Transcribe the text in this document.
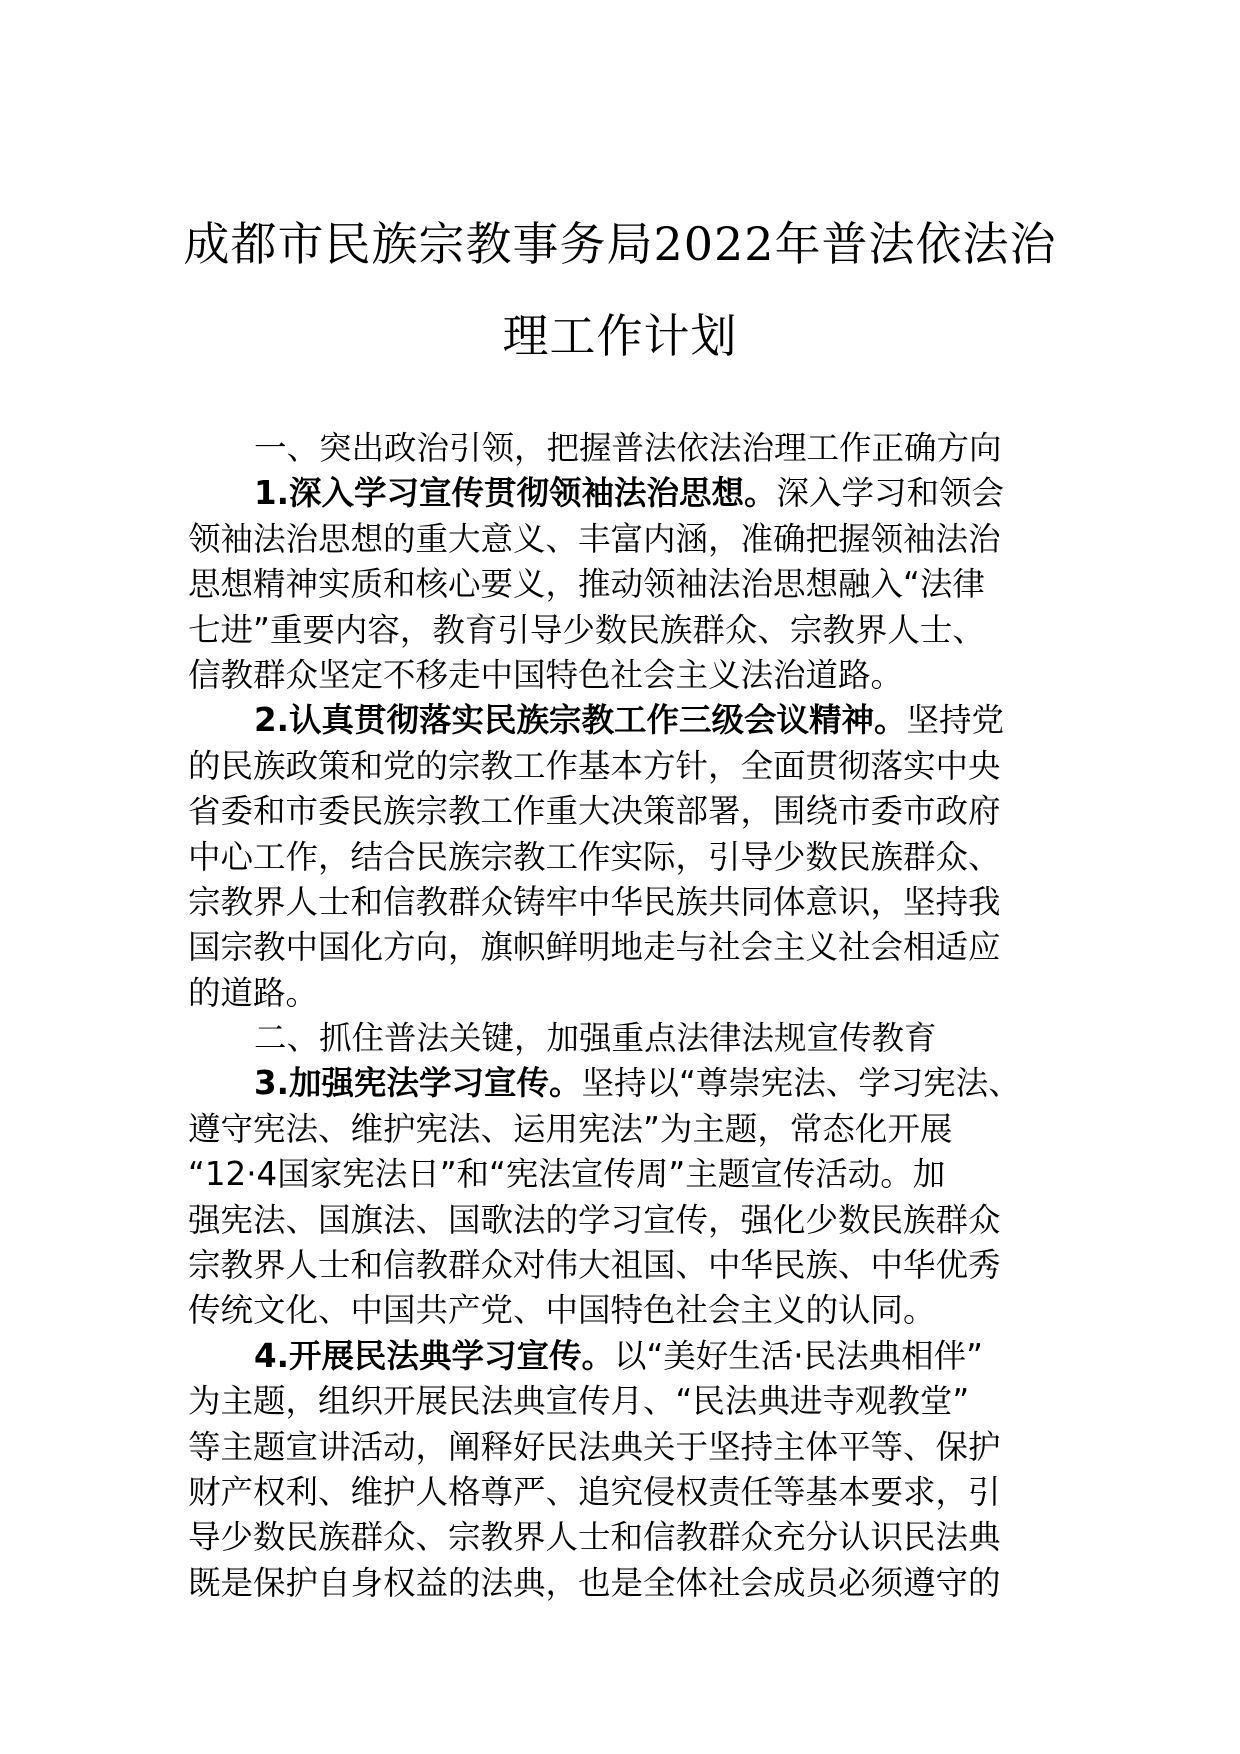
成都市民族宗教事务局2022年普法依法治
理工作计划
一、突出政治引领，把握普法依法治理工作正确方向
1.深入学习宣传贯彻领袖法治思想。深入学习和领会
领袖法治思想的重大意义、丰富内涵，准确把握领袖法治
思想精神实质和核心要义，推动领袖法治思想融入“法律
七进”重要内容，教育引导少数民族群众、宗教界人士、
信教群众坚定不移走中国特色社会主义法治道路。
2.认真贯彻落实民族宗教工作三级会议精神。坚持党
的民族政策和党的宗教工作基本方针，全面贯彻落实中央
省委和市委民族宗教工作重大决策部署，围绕市委市政府
中心工作，结合民族宗教工作实际，引导少数民族群众、
宗教界人士和信教群众铸牢中华民族共同体意识，坚持我
国宗教中国化方向，旗帜鲜明地走与社会主义社会相适应
的道路。
二、抓住普法关键，加强重点法律法规宣传教育
3.加强宪法学习宣传。坚持以“尊崇宪法、学习宪法、
遵守宪法、维护宪法、运用宪法”为主题，常态化开展
“12·4国家宪法日”和“宪法宣传周”主题宣传活动。加
强宪法、国旗法、国歌法的学习宣传，强化少数民族群众
宗教界人士和信教群众对伟大祖国、中华民族、中华优秀
传统文化、中国共产党、中国特色社会主义的认同。
4.开展民法典学习宣传。以“美好生活·民法典相伴”
为主题，组织开展民法典宣传月、“民法典进寺观教堂”
等主题宣讲活动，阐释好民法典关于坚持主体平等、保护
财产权利、维护人格尊严、追究侵权责任等基本要求，引
导少数民族群众、宗教界人士和信教群众充分认识民法典
既是保护自身权益的法典，也是全体社会成员必须遵守的
